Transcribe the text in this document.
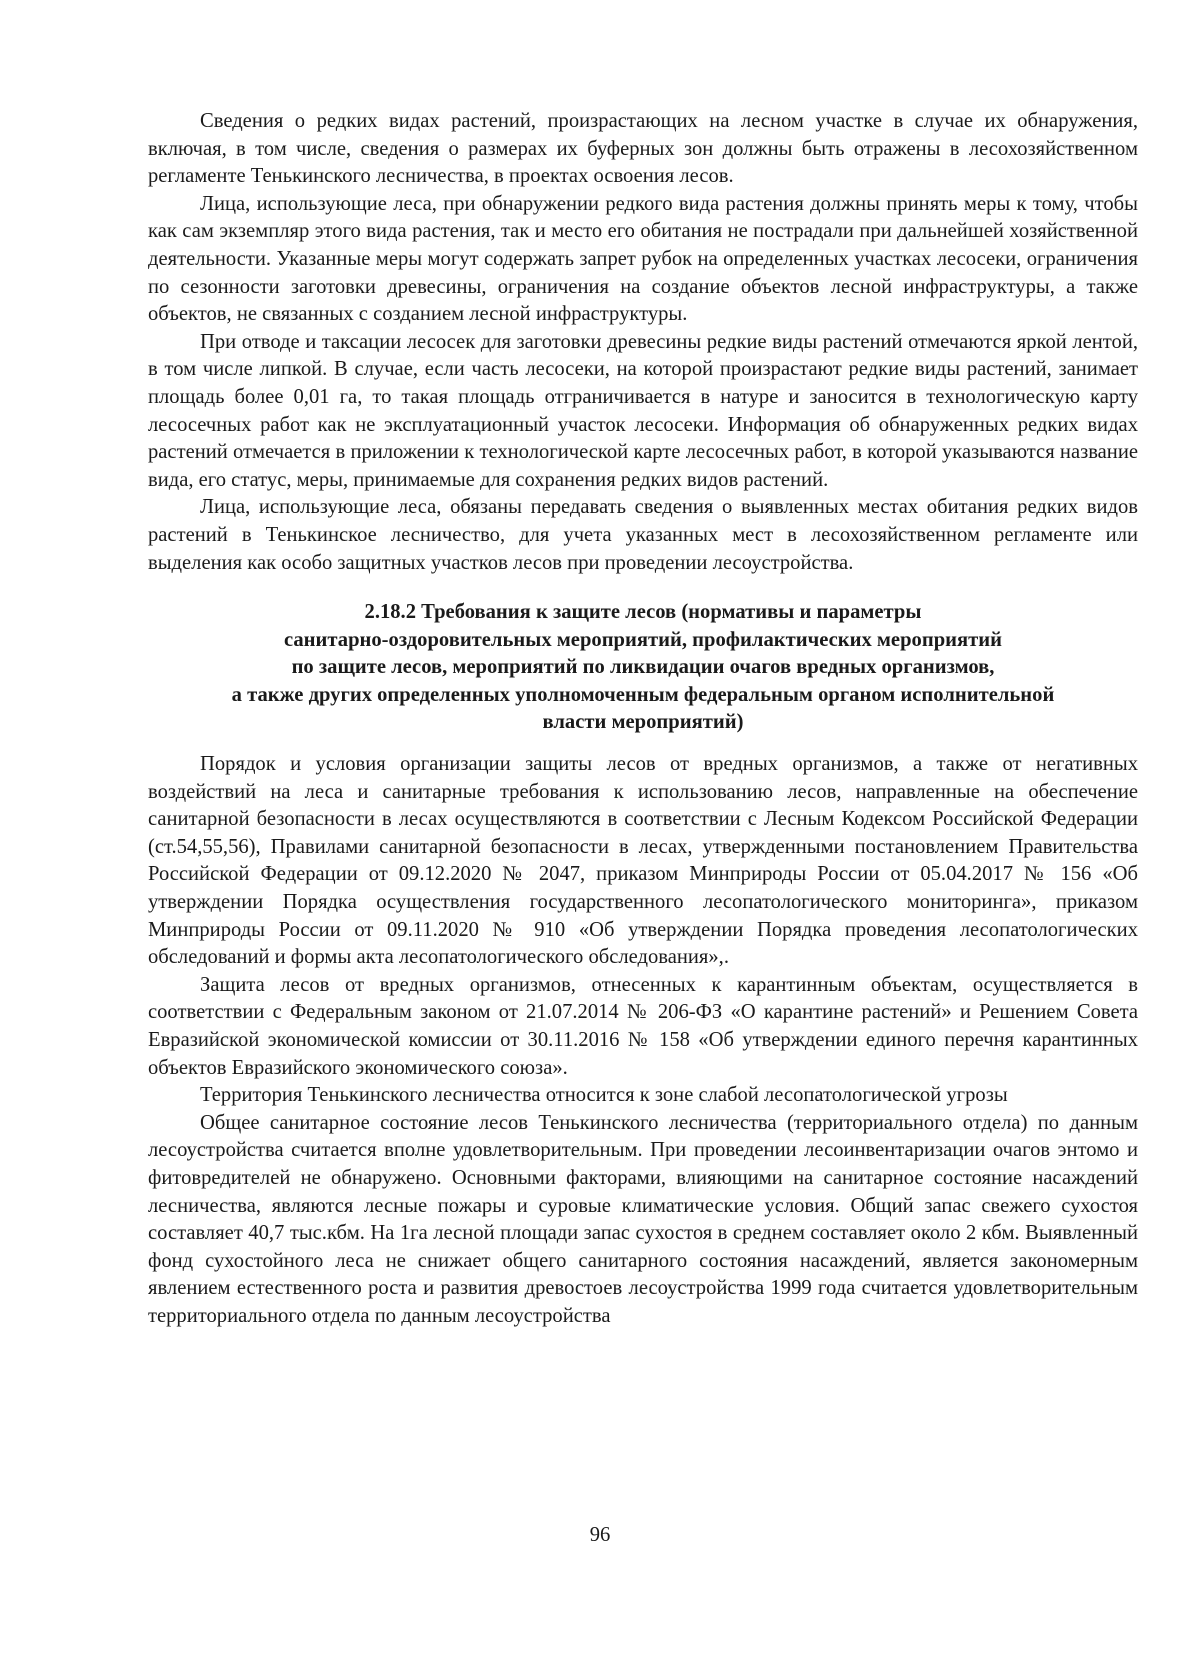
Сведения о редких видах растений, произрастающих на лесном участке в случае их обнаружения, включая, в том числе, сведения о размерах их буферных зон должны быть отражены в лесохозяйственном регламенте Тенькинского лесничества, в проектах освоения лесов.

Лица, использующие леса, при обнаружении редкого вида растения должны принять меры к тому, чтобы как сам экземпляр этого вида растения, так и место его обитания не пострадали при дальнейшей хозяйственной деятельности. Указанные меры могут содержать запрет рубок на определенных участках лесосеки, ограничения по сезонности заготовки древесины, ограничения на создание объектов лесной инфраструктуры, а также объектов, не связанных с созданием лесной инфраструктуры.

При отводе и таксации лесосек для заготовки древесины редкие виды растений отмечаются яркой лентой, в том числе липкой. В случае, если часть лесосеки, на которой произрастают редкие виды растений, занимает площадь более 0,01 га, то такая площадь отграничивается в натуре и заносится в технологическую карту лесосечных работ как не эксплуатационный участок лесосеки. Информация об обнаруженных редких видах растений отмечается в приложении к технологической карте лесосечных работ, в которой указываются название вида, его статус, меры, принимаемые для сохранения редких видов растений.

Лица, использующие леса, обязаны передавать сведения о выявленных местах обитания редких видов растений в Тенькинское лесничество, для учета указанных мест в лесохозяйственном регламенте или выделения как особо защитных участков лесов при проведении лесоустройства.

2.18.2 Требования к защите лесов (нормативы и параметры
санитарно-оздоровительных мероприятий, профилактических мероприятий
по защите лесов, мероприятий по ликвидации очагов вредных организмов,
а также других определенных уполномоченным федеральным органом исполнительной
власти мероприятий)

Порядок и условия организации защиты лесов от вредных организмов, а также от негативных воздействий на леса и санитарные требования к использованию лесов, направленные на обеспечение санитарной безопасности в лесах осуществляются в соответствии с Лесным Кодексом Российской Федерации (ст.54,55,56), Правилами санитарной безопасности в лесах, утвержденными постановлением Правительства Российской Федерации от 09.12.2020 № 2047, приказом Минприроды России от 05.04.2017 № 156 «Об утверждении Порядка осуществления государственного лесопатологического мониторинга», приказом Минприроды России от 09.11.2020 № 910 «Об утверждении Порядка проведения лесопатологических обследований и формы акта лесопатологического обследования»,.

Защита лесов от вредных организмов, отнесенных к карантинным объектам, осуществляется в соответствии с Федеральным законом от 21.07.2014 № 206-ФЗ «О карантине растений» и Решением Совета Евразийской экономической комиссии от 30.11.2016 № 158 «Об утверждении единого перечня карантинных объектов Евразийского экономического союза».

Территория Тенькинского лесничества относится к зоне слабой лесопатологической угрозы

Общее санитарное состояние лесов Тенькинского лесничества (территориального отдела) по данным лесоустройства считается вполне удовлетворительным. При проведении лесоинвентаризации очагов энтомо и фитовредителей не обнаружено. Основными факторами, влияющими на санитарное состояние насаждений лесничества, являются лесные пожары и суровые климатические условия. Общий запас свежего сухостоя составляет 40,7 тыс.кбм. На 1га лесной площади запас сухостоя в среднем составляет около 2 кбм. Выявленный фонд сухостойного леса не снижает общего санитарного состояния насаждений, является закономерным явлением естественного роста и развития древостоев лесоустройства 1999 года считается удовлетворительным территориального отдела по данным лесоустройства

96
